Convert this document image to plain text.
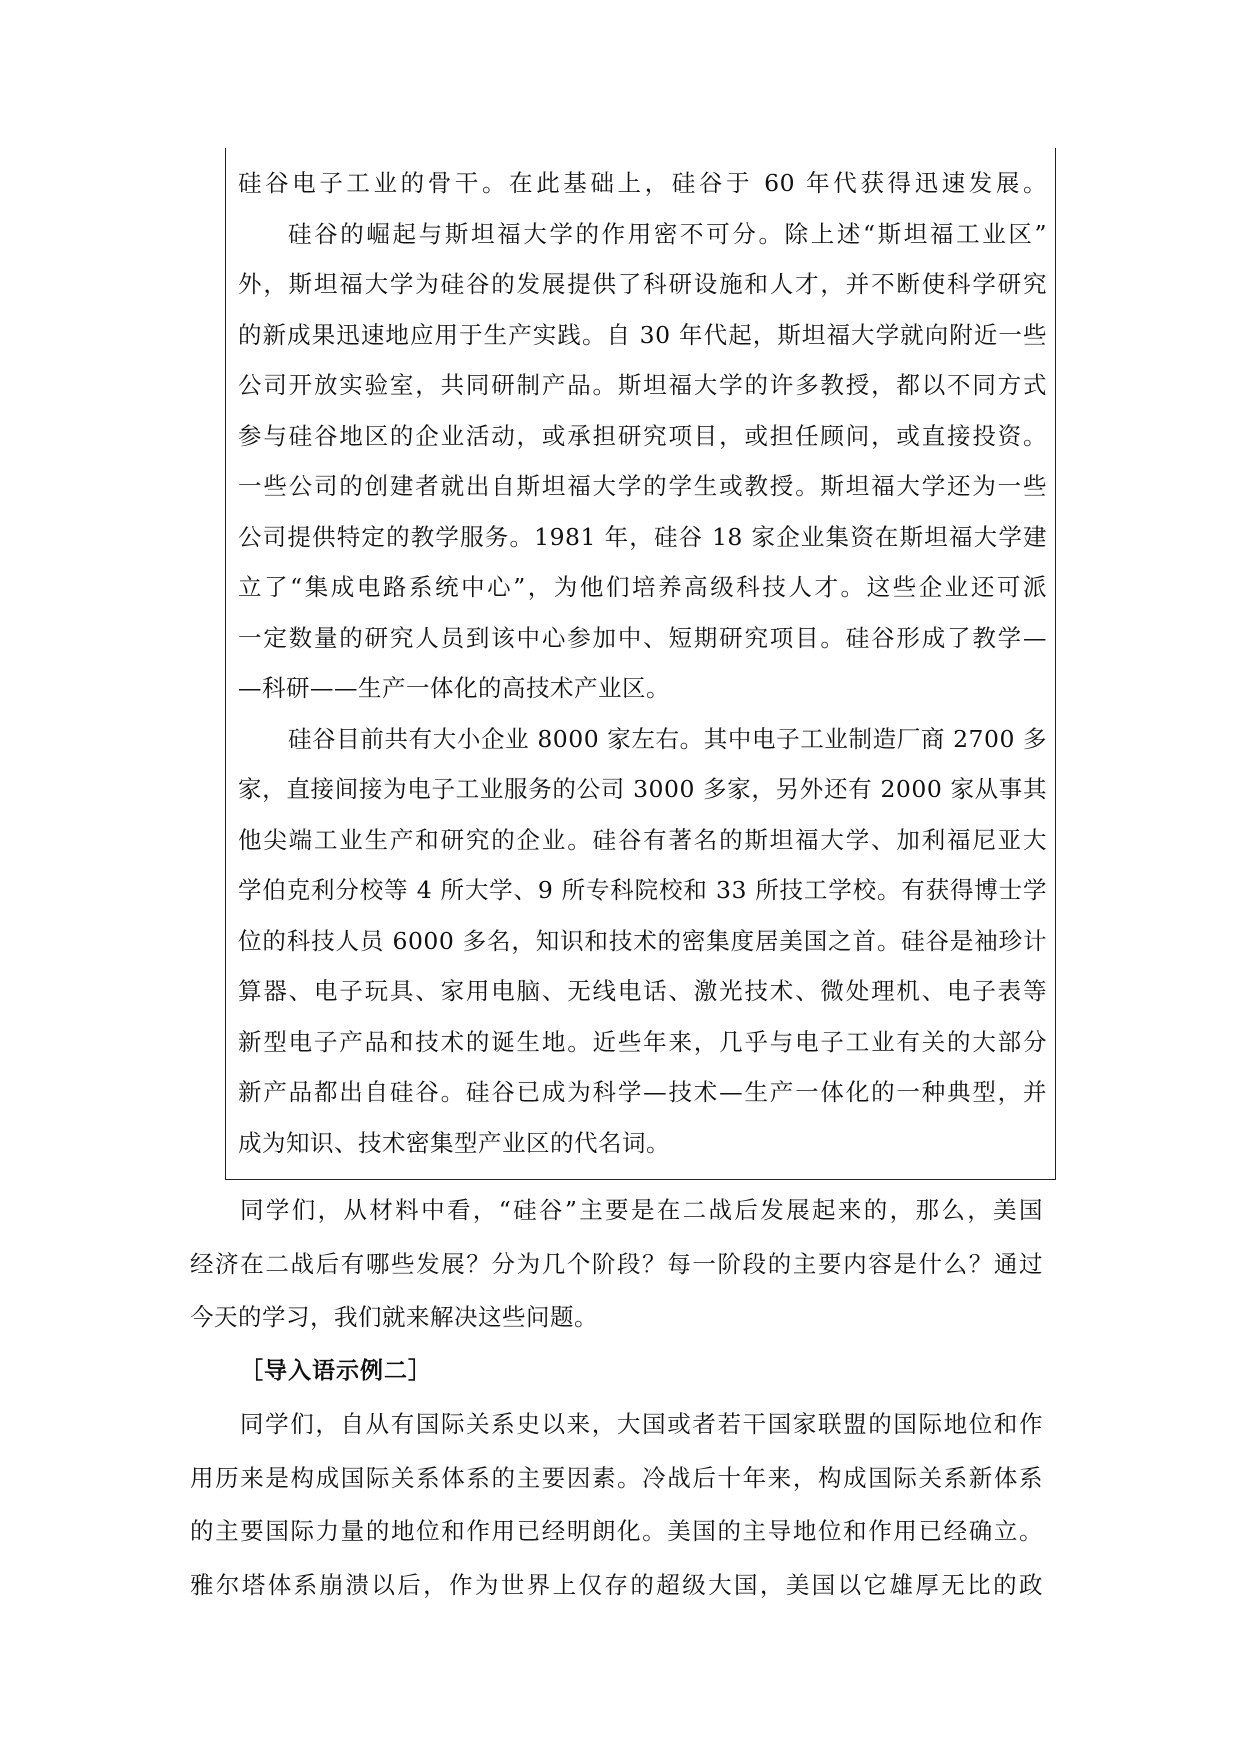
硅谷电子工业的骨干。在此基础上，硅谷于 60 年代获得迅速发展。
硅谷的崛起与斯坦福大学的作用密不可分。除上述“斯坦福工业区”
外，斯坦福大学为硅谷的发展提供了科研设施和人才，并不断使科学研究
的新成果迅速地应用于生产实践。自 30 年代起，斯坦福大学就向附近一些
公司开放实验室，共同研制产品。斯坦福大学的许多教授，都以不同方式
参与硅谷地区的企业活动，或承担研究项目，或担任顾问，或直接投资。
一些公司的创建者就出自斯坦福大学的学生或教授。斯坦福大学还为一些
公司提供特定的教学服务。1981 年，硅谷 18 家企业集资在斯坦福大学建
立了“集成电路系统中心”，为他们培养高级科技人才。这些企业还可派
一定数量的研究人员到该中心参加中、短期研究项目。硅谷形成了教学—
—科研——生产一体化的高技术产业区。
硅谷目前共有大小企业 8000 家左右。其中电子工业制造厂商 2700 多
家，直接间接为电子工业服务的公司 3000 多家，另外还有 2000 家从事其
他尖端工业生产和研究的企业。硅谷有著名的斯坦福大学、加利福尼亚大
学伯克利分校等 4 所大学、9 所专科院校和 33 所技工学校。有获得博士学
位的科技人员 6000 多名，知识和技术的密集度居美国之首。硅谷是袖珍计
算器、电子玩具、家用电脑、无线电话、激光技术、微处理机、电子表等
新型电子产品和技术的诞生地。近些年来，几乎与电子工业有关的大部分
新产品都出自硅谷。硅谷已成为科学—技术—生产一体化的一种典型，并
成为知识、技术密集型产业区的代名词。
同学们，从材料中看，“硅谷”主要是在二战后发展起来的，那么，美国
经济在二战后有哪些发展？分为几个阶段？每一阶段的主要内容是什么？通过
今天的学习，我们就来解决这些问题。
［导入语示例二］
同学们，自从有国际关系史以来，大国或者若干国家联盟的国际地位和作
用历来是构成国际关系体系的主要因素。冷战后十年来，构成国际关系新体系
的主要国际力量的地位和作用已经明朗化。美国的主导地位和作用已经确立。
雅尔塔体系崩溃以后，作为世界上仅存的超级大国，美国以它雄厚无比的政
